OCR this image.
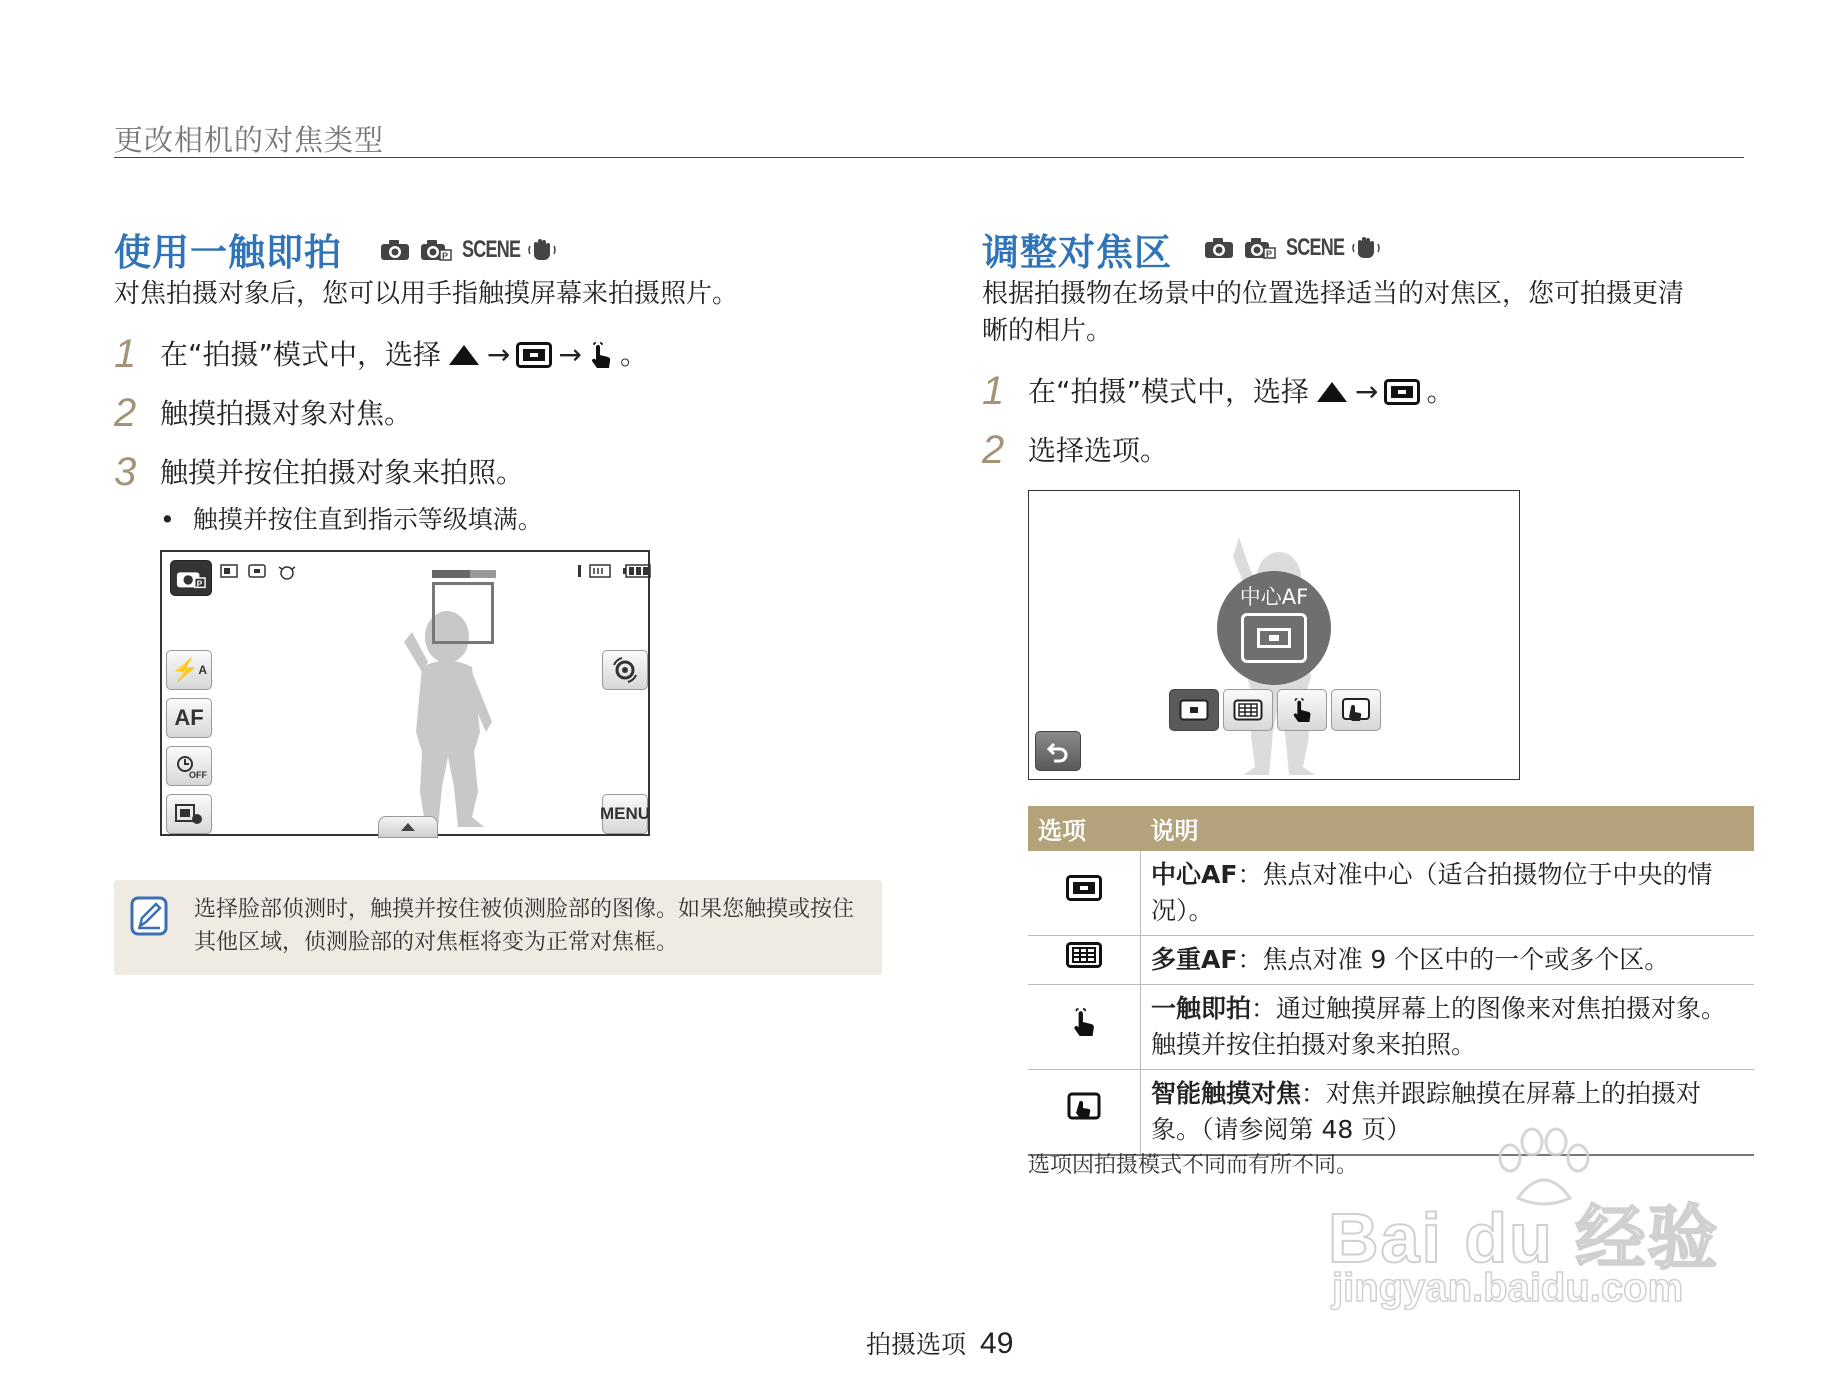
更改相机的对焦类型
使用一触即拍	P SCENE
对焦拍摄对象后，您可以用手指触摸屏幕来拍摄照片。
1 在“拍摄”模式中，选择 → → 。
2 触摸拍摄对象对焦。
3 触摸并按住拍摄对象来拍照。
• 触摸并按住直到指示等级填满。
P
⚡ A
AF
OFF
MENU
选择脸部侦测时，触摸并按住被侦测脸部的图像。如果您触摸或按住
其他区域，侦测脸部的对焦框将变为正常对焦框。
调整对焦区	P SCENE
根据拍摄物在场景中的位置选择适当的对焦区，您可拍摄更清
晰的相片。
1 在“拍摄”模式中，选择 → 。
2 选择选项。
中心AF
选项	说明
	中心AF：焦点对准中心（适合拍摄物位于中央的情况）。
	多重AF：焦点对准 9 个区中的一个或多个区。
	一触即拍：通过触摸屏幕上的图像来对焦拍摄对象。触摸并按住拍摄对象来拍照。
	智能触摸对焦：对焦并跟踪触摸在屏幕上的拍摄对象。（请参阅第 48 页）
选项因拍摄模式不同而有所不同。
Bai du 经验
jingyan.baidu.com
拍摄选项 49
